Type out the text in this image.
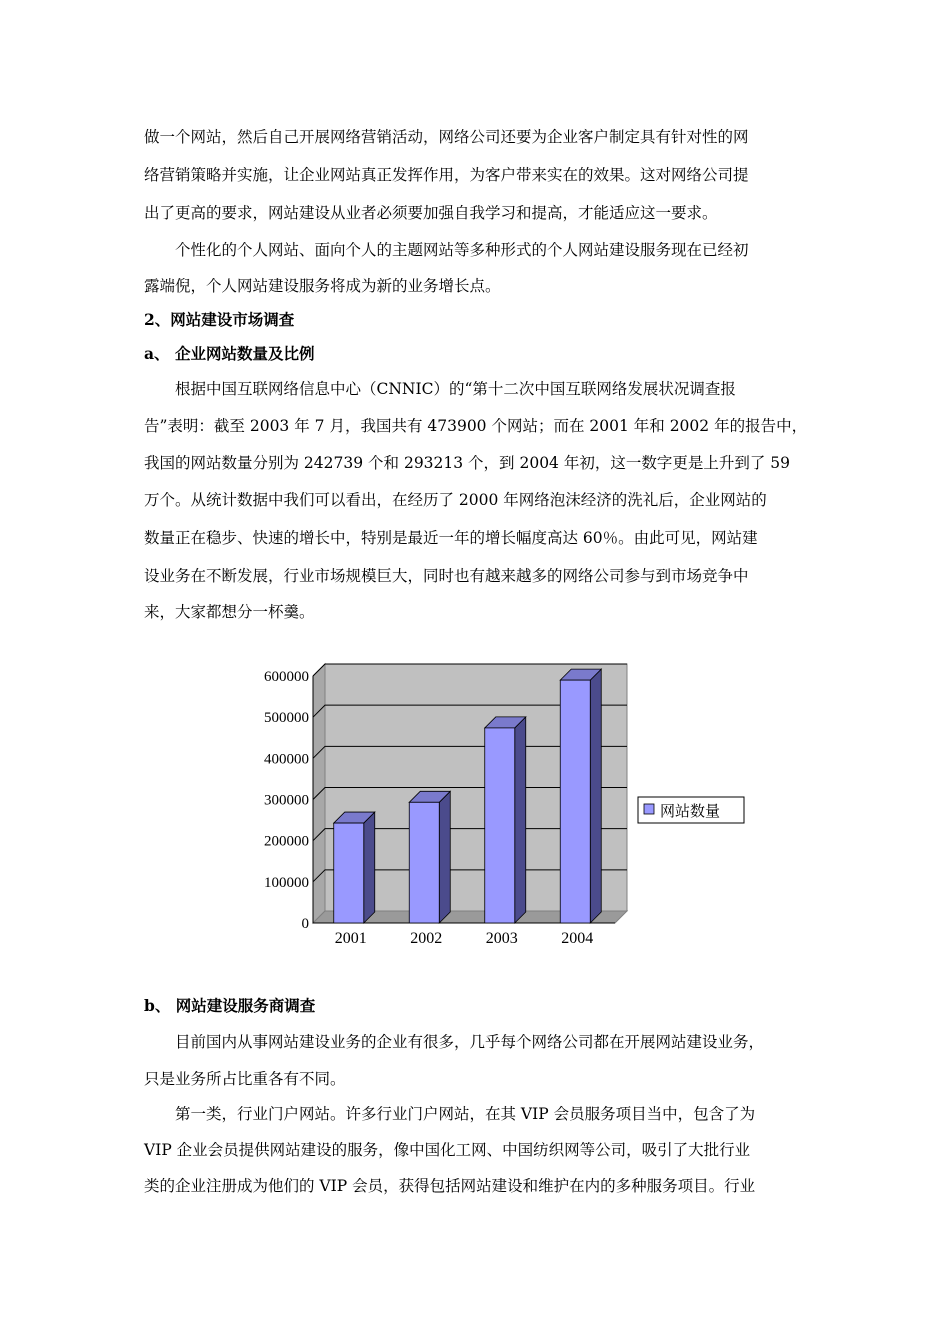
做一个网站，然后自己开展网络营销活动，网络公司还要为企业客户制定具有针对性的网
络营销策略并实施，让企业网站真正发挥作用，为客户带来实在的效果。这对网络公司提
出了更高的要求，网站建设从业者必须要加强自我学习和提高，才能适应这一要求。
　　个性化的个人网站、面向个人的主题网站等多种形式的个人网站建设服务现在已经初
露端倪，个人网站建设服务将成为新的业务增长点。
2、网站建设市场调查
a、 企业网站数量及比例
　　根据中国互联网络信息中心（CNNIC）的“第十二次中国互联网络发展状况调查报
告”表明：截至 2003 年 7 月，我国共有 473900 个网站；而在 2001 年和 2002 年的报告中，
我国的网站数量分别为 242739 个和 293213 个，到 2004 年初，这一数字更是上升到了 59
万个。从统计数据中我们可以看出，在经历了 2000 年网络泡沫经济的洗礼后，企业网站的
数量正在稳步、快速的增长中，特别是最近一年的增长幅度高达 60％。由此可见，网站建
设业务在不断发展，行业市场规模巨大，同时也有越来越多的网络公司参与到市场竞争中
来，大家都想分一杯羹。
0
100000
200000
300000
400000
500000
600000
2001	2002	2003	2004
网站数量
b、 网站建设服务商调查
　　目前国内从事网站建设业务的企业有很多，几乎每个网络公司都在开展网站建设业务，
只是业务所占比重各有不同。
　　第一类，行业门户网站。许多行业门户网站，在其 VIP 会员服务项目当中，包含了为
VIP 企业会员提供网站建设的服务，像中国化工网、中国纺织网等公司，吸引了大批行业
类的企业注册成为他们的 VIP 会员，获得包括网站建设和维护在内的多种服务项目。行业
